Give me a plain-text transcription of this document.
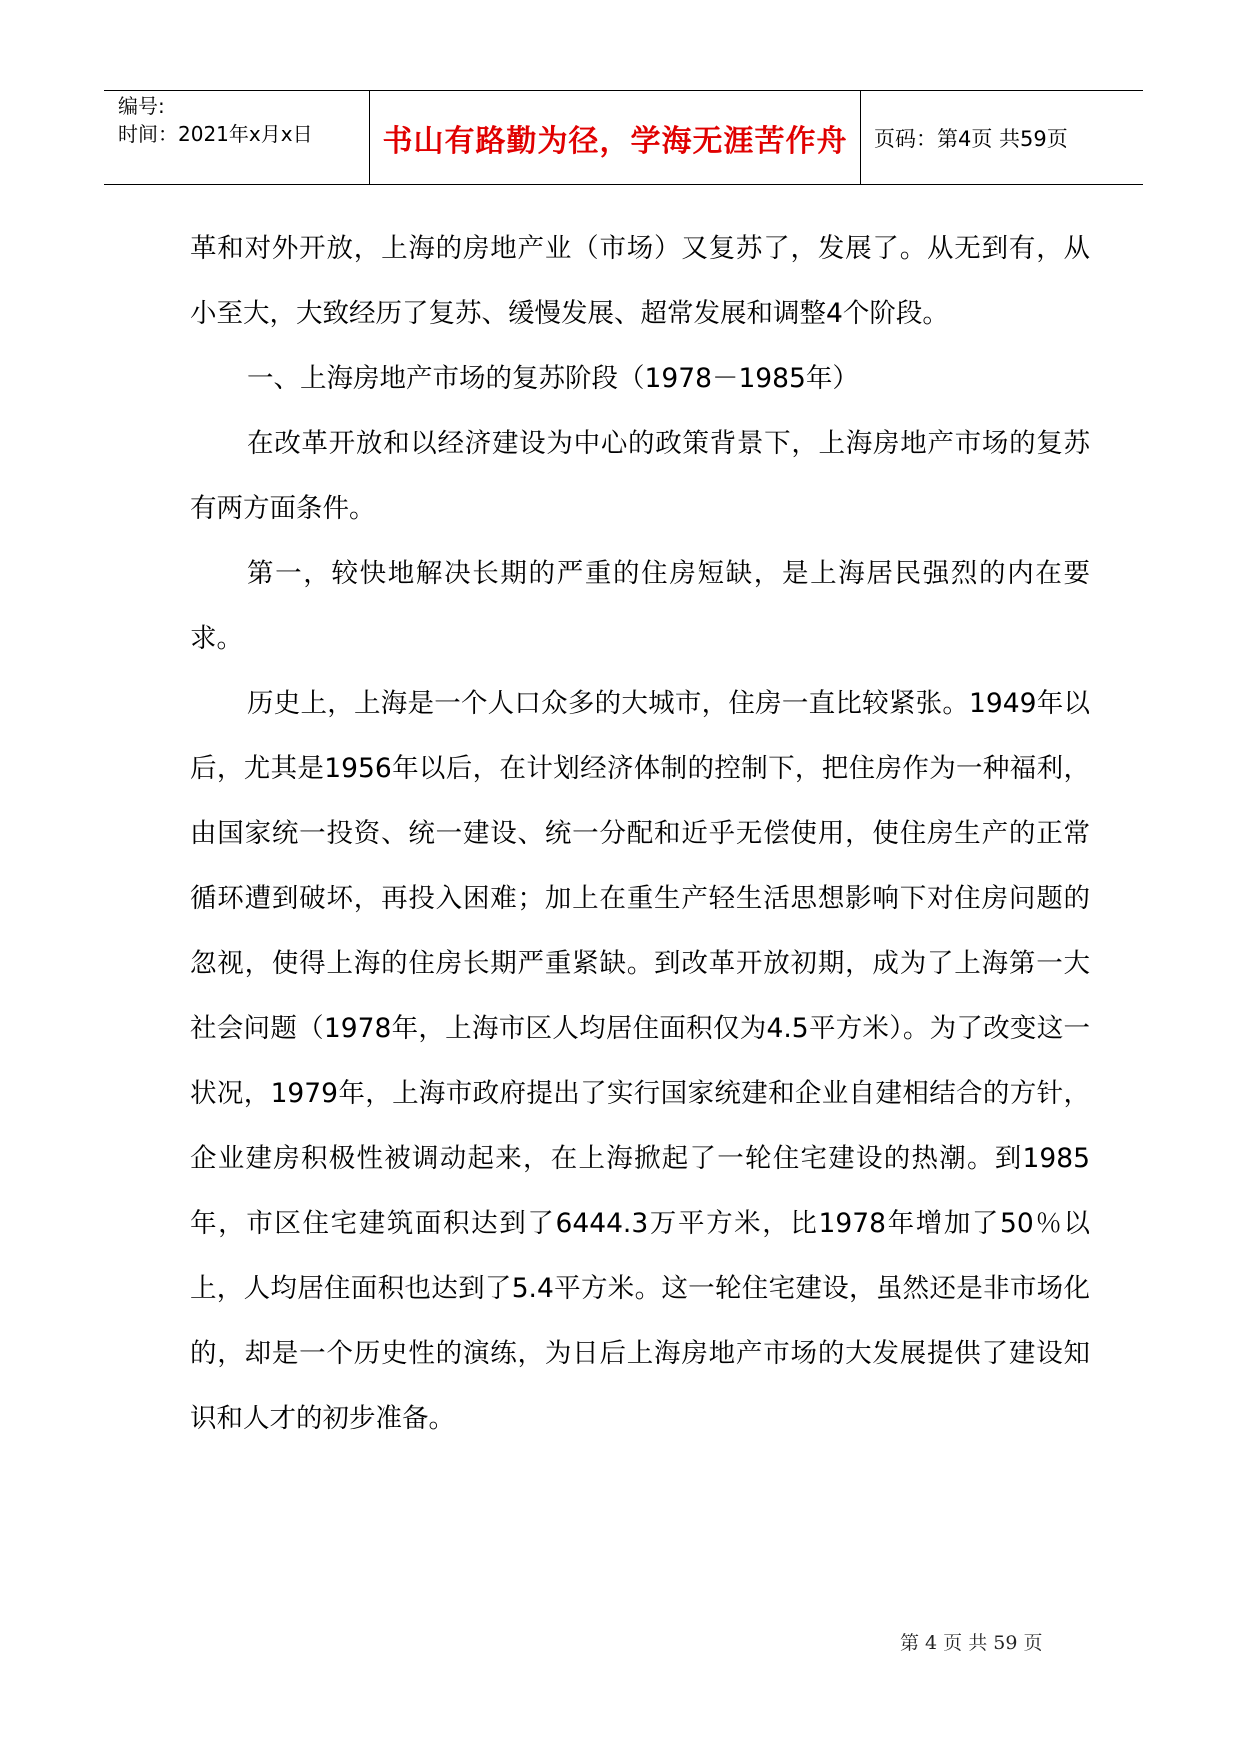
编号:
时间：2021年x月x日	书山有路勤为径，学海无涯苦作舟	页码：第4页 共59页

革和对外开放，上海的房地产业（市场）又复苏了，发展了。从无到有，从小至大，大致经历了复苏、缓慢发展、超常发展和调整4个阶段。

一、上海房地产市场的复苏阶段（1978－1985年）

在改革开放和以经济建设为中心的政策背景下，上海房地产市场的复苏有两方面条件。

第一，较快地解决长期的严重的住房短缺，是上海居民强烈的内在要求。

历史上，上海是一个人口众多的大城市，住房一直比较紧张。1949年以后，尤其是1956年以后，在计划经济体制的控制下，把住房作为一种福利，由国家统一投资、统一建设、统一分配和近乎无偿使用，使住房生产的正常循环遭到破坏，再投入困难；加上在重生产轻生活思想影响下对住房问题的忽视，使得上海的住房长期严重紧缺。到改革开放初期，成为了上海第一大社会问题（1978年，上海市区人均居住面积仅为4.5平方米）。为了改变这一状况，1979年，上海市政府提出了实行国家统建和企业自建相结合的方针，企业建房积极性被调动起来，在上海掀起了一轮住宅建设的热潮。到1985年，市区住宅建筑面积达到了6444.3万平方米，比1978年增加了50％以上，人均居住面积也达到了5.4平方米。这一轮住宅建设，虽然还是非市场化的，却是一个历史性的演练，为日后上海房地产市场的大发展提供了建设知识和人才的初步准备。

第 4 页 共 59 页
